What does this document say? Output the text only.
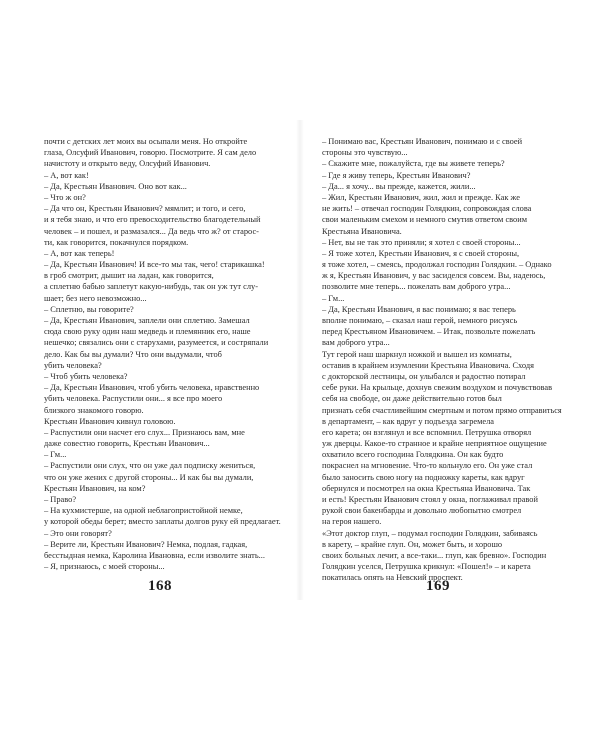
почти с детских лет моих вы осыпали меня. Но откройте
глаза, Олсуфий Иванович, говорю. Посмотрите. Я сам дело
начистоту и открыто веду, Олсуфий Иванович.
– А, вот как!
– Да, Крестьян Иванович. Оно вот как...
– Что ж он?
– Да что он, Крестьян Иванович? мямлит; и того, и сего,
и я тебя знаю, и что его превосходительство благодетельный
человек – и пошел, и размазался... Да ведь что ж? от старос-
ти, как говорится, покачнулся порядком.
– А, вот как теперь!
– Да, Крестьян Иванович! И все-то мы так, чего! старикашка!
в гроб смотрит, дышит на ладан, как говорится,
а сплетню бабью заплетут какую-нибудь, так он уж тут слу-
шает; без него невозможно...
– Сплетню, вы говорите?
– Да, Крестьян Иванович, заплели они сплетню. Замешал
сюда свою руку один наш медведь и племянник его, наше
нешечко; связались они с старухами, разумеется, и состряпали
дело. Как бы вы думали? Что они выдумали, чтоб
убить человека?
– Чтоб убить человека?
– Да, Крестьян Иванович, чтоб убить человека, нравственно
убить человека. Распустили они... я все про моего
близкого знакомого говорю.
Крестьян Иванович кивнул головою.
– Распустили они насчет его слух... Признаюсь вам, мне
даже совестно говорить, Крестьян Иванович...
– Гм...
– Распустили они слух, что он уже дал подписку жениться,
что он уже жених с другой стороны... И как бы вы думали,
Крестьян Иванович, на ком?
– Право?
– На кухмистерше, на одной неблагопристойной немке,
у которой обеды берет; вместо заплаты долгов руку ей предлагает.
– Это они говорят?
– Верите ли, Крестьян Иванович? Немка, подлая, гадкая,
бесстыдная немка, Каролина Ивановна, если изволите знать...
– Я, признаюсь, с моей стороны...
168
– Понимаю вас, Крестьян Иванович, понимаю и с своей
стороны это чувствую...
– Скажите мне, пожалуйста, где вы живете теперь?
– Где я живу теперь, Крестьян Иванович?
– Да... я хочу... вы прежде, кажется, жили...
– Жил, Крестьян Иванович, жил, жил и прежде. Как же
не жить! – отвечал господин Голядкин, сопровождая слова
свои маленьким смехом и немного смутив ответом своим
Крестьяна Ивановича.
– Нет, вы не так это приняли; я хотел с своей стороны...
– Я тоже хотел, Крестьян Иванович, я с своей стороны,
я тоже хотел, – смеясь, продолжал господин Голядкин. – Однако
ж я, Крестьян Иванович, у вас засиделся совсем. Вы, надеюсь,
позволите мне теперь... пожелать вам доброго утра...
– Гм...
– Да, Крестьян Иванович, я вас понимаю; я вас теперь
вполне понимаю, – сказал наш герой, немного рисуясь
перед Крестьяном Ивановичем. – Итак, позвольте пожелать
вам доброго утра...
Тут герой наш шаркнул ножкой и вышел из комнаты,
оставив в крайнем изумлении Крестьяна Ивановича. Сходя
с докторской лестницы, он улыбался и радостно потирал
себе руки. На крыльце, дохнув свежим воздухом и почувствовав
себя на свободе, он даже действительно готов был
признать себя счастливейшим смертным и потом прямо отправиться
в департамент, – как вдруг у подъезда загремела
его карета; он взглянул и все вспомнил. Петрушка отворял
уж дверцы. Какое-то странное и крайне неприятное ощущение
охватило всего господина Голядкина. Он как будто
покраснел на мгновение. Что-то кольнуло его. Он уже стал
было заносить свою ногу на подножку кареты, как вдруг
обернулся и посмотрел на окна Крестьяна Ивановича. Так
и есть! Крестьян Иванович стоял у окна, поглаживал правой
рукой свои бакенбарды и довольно любопытно смотрел
на героя нашего.
«Этот доктор глуп, – подумал господин Голядкин, забиваясь
в карету, – крайне глуп. Он, может быть, и хорошо
своих больных лечит, а все-таки... глуп, как бревно». Господин
Голядкин уселся, Петрушка крикнул: «Пошел!» – и карета
покатилась опять на Невский проспект.
169
